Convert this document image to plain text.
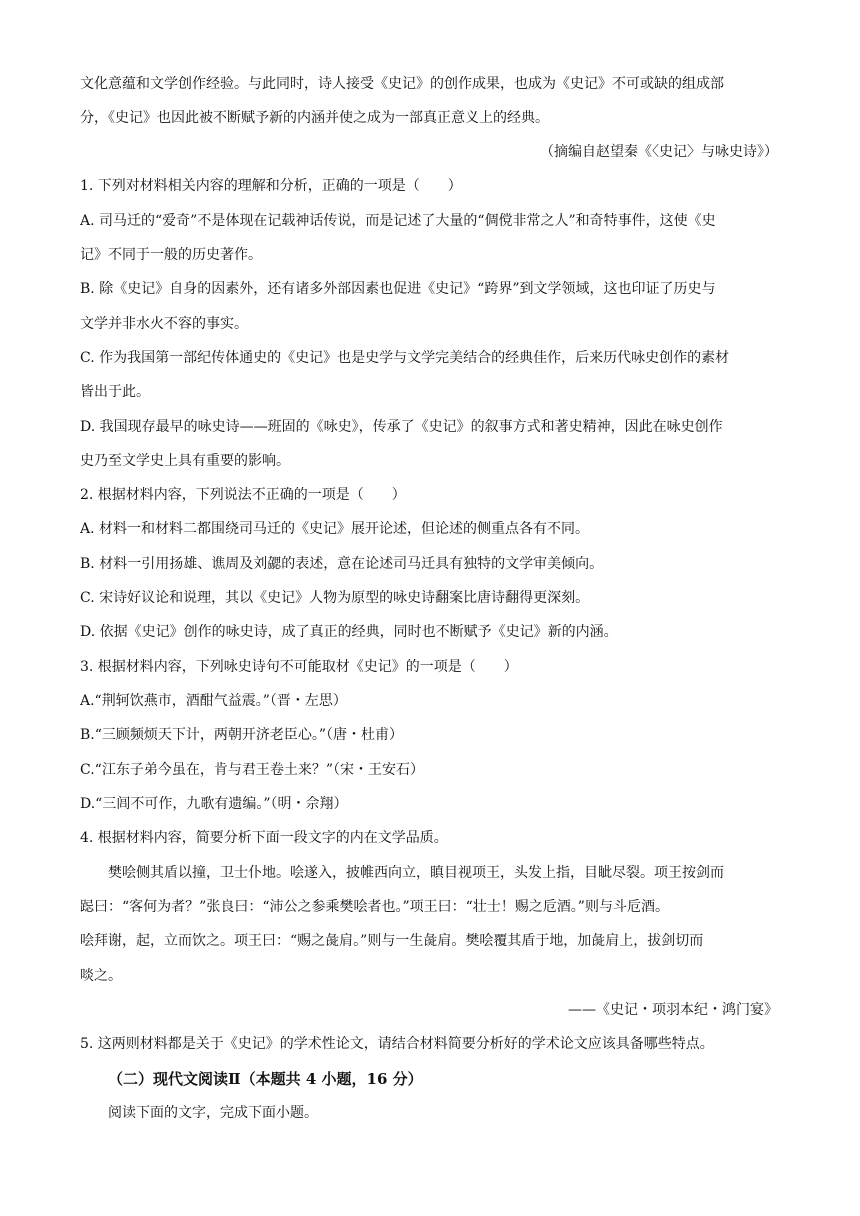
文化意蕴和文学创作经验。与此同时，诗人接受《史记》的创作成果，也成为《史记》不可或缺的组成部
分，《史记》也因此被不断赋予新的内涵并使之成为一部真正意义上的经典。
（摘编自赵望秦《〈史记〉与咏史诗》）
1. 下列对材料相关内容的理解和分析，正确的一项是（　　）
A. 司马迁的“爱奇”不是体现在记载神话传说，而是记述了大量的“倜傥非常之人”和奇特事件，这使《史
记》不同于一般的历史著作。
B. 除《史记》自身的因素外，还有诸多外部因素也促进《史记》“跨界”到文学领域，这也印证了历史与
文学并非水火不容的事实。
C. 作为我国第一部纪传体通史的《史记》也是史学与文学完美结合的经典佳作，后来历代咏史创作的素材
皆出于此。
D. 我国现存最早的咏史诗——班固的《咏史》，传承了《史记》的叙事方式和著史精神，因此在咏史创作
史乃至文学史上具有重要的影响。
2. 根据材料内容，下列说法不正确的一项是（　　）
A. 材料一和材料二都围绕司马迁的《史记》展开论述，但论述的侧重点各有不同。
B. 材料一引用扬雄、谯周及刘勰的表述，意在论述司马迁具有独特的文学审美倾向。
C. 宋诗好议论和说理，其以《史记》人物为原型的咏史诗翻案比唐诗翻得更深刻。
D. 依据《史记》创作的咏史诗，成了真正的经典，同时也不断赋予《史记》新的内涵。
3. 根据材料内容，下列咏史诗句不可能取材《史记》的一项是（　　）
A.“荆轲饮燕市，酒酣气益震。”（晋・左思）
B.“三顾频烦天下计，两朝开济老臣心。”（唐・杜甫）
C.“江东子弟今虽在，肯与君王卷土来？”（宋・王安石）
D.“三闾不可作，九歌有遗编。”（明・佘翔）
4. 根据材料内容，简要分析下面一段文字的内在文学品质。
樊哙侧其盾以撞，卫士仆地。哙遂入，披帷西向立，瞋目视项王，头发上指，目眦尽裂。项王按剑而
跽曰：“客何为者？”张良曰：“沛公之参乘樊哙者也。”项王曰：“壮士！赐之卮酒。”则与斗卮酒。
哙拜谢，起，立而饮之。项王曰：“赐之彘肩。”则与一生彘肩。樊哙覆其盾于地，加彘肩上，拔剑切而
啖之。
——《史记・项羽本纪・鸿门宴》
5. 这两则材料都是关于《史记》的学术性论文，请结合材料简要分析好的学术论文应该具备哪些特点。
（二）现代文阅读Ⅱ（本题共 4 小题，16 分）
阅读下面的文字，完成下面小题。
